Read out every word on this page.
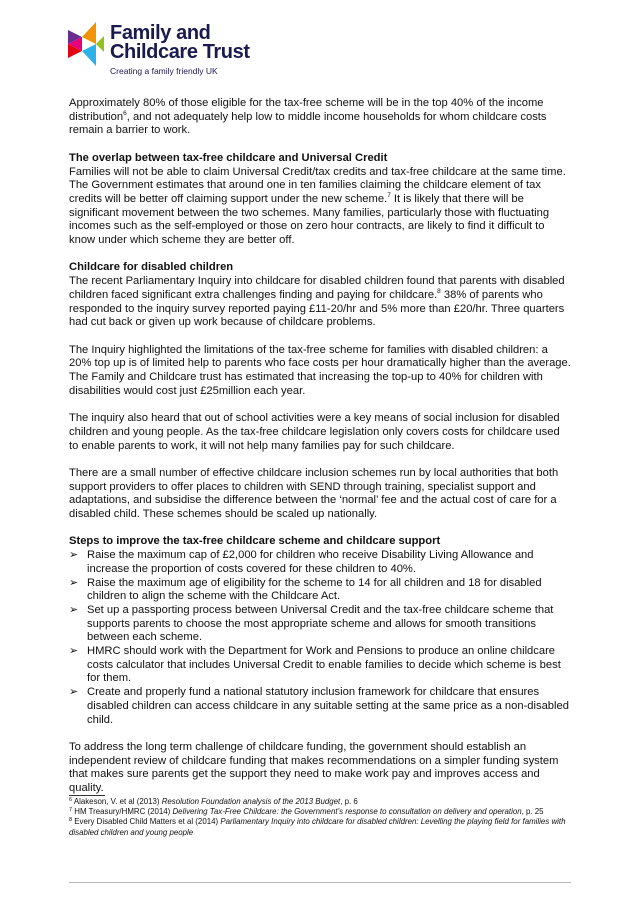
Family and
Childcare Trust
Creating a family friendly UK

Approximately 80% of those eligible for the tax-free scheme will be in the top 40% of the income distribution$^6$, and not adequately help low to middle income households for whom childcare costs remain a barrier to work.

The overlap between tax-free childcare and Universal Credit

Families will not be able to claim Universal Credit/tax credits and tax-free childcare at the same time. The Government estimates that around one in ten families claiming the childcare element of tax credits will be better off claiming support under the new scheme.$^7$ It is likely that there will be significant movement between the two schemes. Many families, particularly those with fluctuating incomes such as the self-employed or those on zero hour contracts, are likely to find it difficult to know under which scheme they are better off.

Childcare for disabled children

The recent Parliamentary Inquiry into childcare for disabled children found that parents with disabled children faced significant extra challenges finding and paying for childcare.$^8$ 38% of parents who responded to the inquiry survey reported paying £11-20/hr and 5% more than £20/hr. Three quarters had cut back or given up work because of childcare problems.

The Inquiry highlighted the limitations of the tax-free scheme for families with disabled children: a 20% top up is of limited help to parents who face costs per hour dramatically higher than the average. The Family and Childcare trust has estimated that increasing the top-up to 40% for children with disabilities would cost just £25million each year.

The inquiry also heard that out of school activities were a key means of social inclusion for disabled children and young people. As the tax-free childcare legislation only covers costs for childcare used to enable parents to work, it will not help many families pay for such childcare.

There are a small number of effective childcare inclusion schemes run by local authorities that both support providers to offer places to children with SEND through training, specialist support and adaptations, and subsidise the difference between the ‘normal’ fee and the actual cost of care for a disabled child. These schemes should be scaled up nationally.

Steps to improve the tax-free childcare scheme and childcare support
➢ Raise the maximum cap of £2,000 for children who receive Disability Living Allowance and increase the proportion of costs covered for these children to 40%.
➢ Raise the maximum age of eligibility for the scheme to 14 for all children and 18 for disabled children to align the scheme with the Childcare Act.
➢ Set up a passporting process between Universal Credit and the tax-free childcare scheme that supports parents to choose the most appropriate scheme and allows for smooth transitions between each scheme.
➢ HMRC should work with the Department for Work and Pensions to produce an online childcare costs calculator that includes Universal Credit to enable families to decide which scheme is best for them.
➢ Create and properly fund a national statutory inclusion framework for childcare that ensures disabled children can access childcare in any suitable setting at the same price as a non-disabled child.

To address the long term challenge of childcare funding, the government should establish an independent review of childcare funding that makes recommendations on a simpler funding system that makes sure parents get the support they need to make work pay and improves access and quality.

$^6$ Alakeson, V. et al (2013) Resolution Foundation analysis of the 2013 Budget, p. 6
$^7$ HM Treasury/HMRC (2014) Delivering Tax-Free Childcare: the Government’s response to consultation on delivery and operation, p. 25
$^8$ Every Disabled Child Matters et al (2014) Parliamentary Inquiry into childcare for disabled children: Levelling the playing field for families with disabled children and young people
